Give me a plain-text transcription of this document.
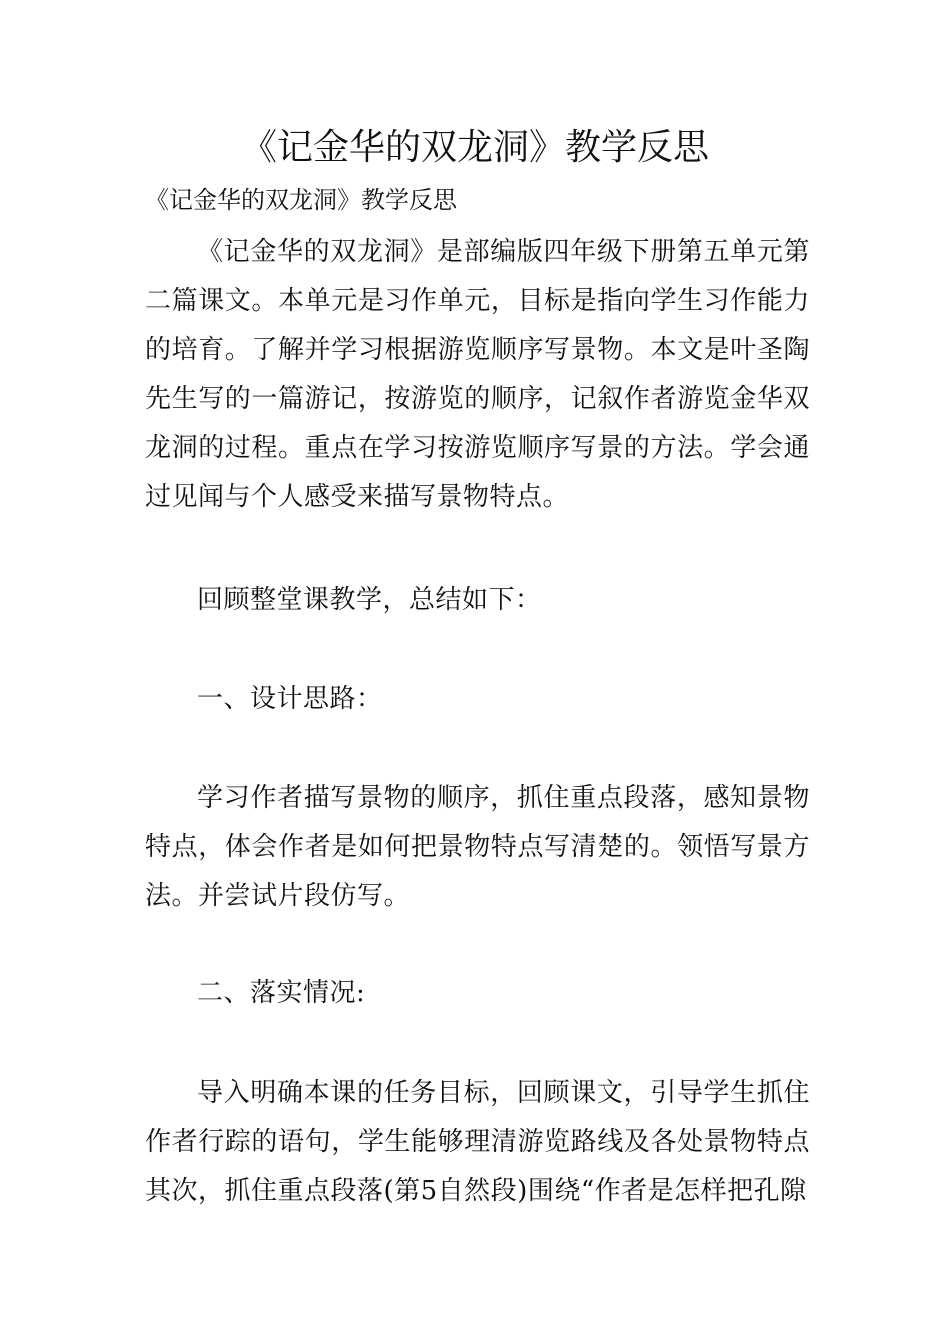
《记金华的双龙洞》教学反思

《记金华的双龙洞》教学反思

《记金华的双龙洞》是部编版四年级下册第五单元第二篇课文。本单元是习作单元，目标是指向学生习作能力的培育。了解并学习根据游览顺序写景物。本文是叶圣陶先生写的一篇游记，按游览的顺序，记叙作者游览金华双龙洞的过程。重点在学习按游览顺序写景的方法。学会通过见闻与个人感受来描写景物特点。

回顾整堂课教学，总结如下：

一、设计思路：

学习作者描写景物的顺序，抓住重点段落，感知景物特点，体会作者是如何把景物特点写清楚的。领悟写景方法。并尝试片段仿写。

二、落实情况:

导入明确本课的任务目标，回顾课文，引导学生抓住作者行踪的语句，学生能够理清游览路线及各处景物特点其次，抓住重点段落(第5自然段)围绕“作者是怎样把孔隙
